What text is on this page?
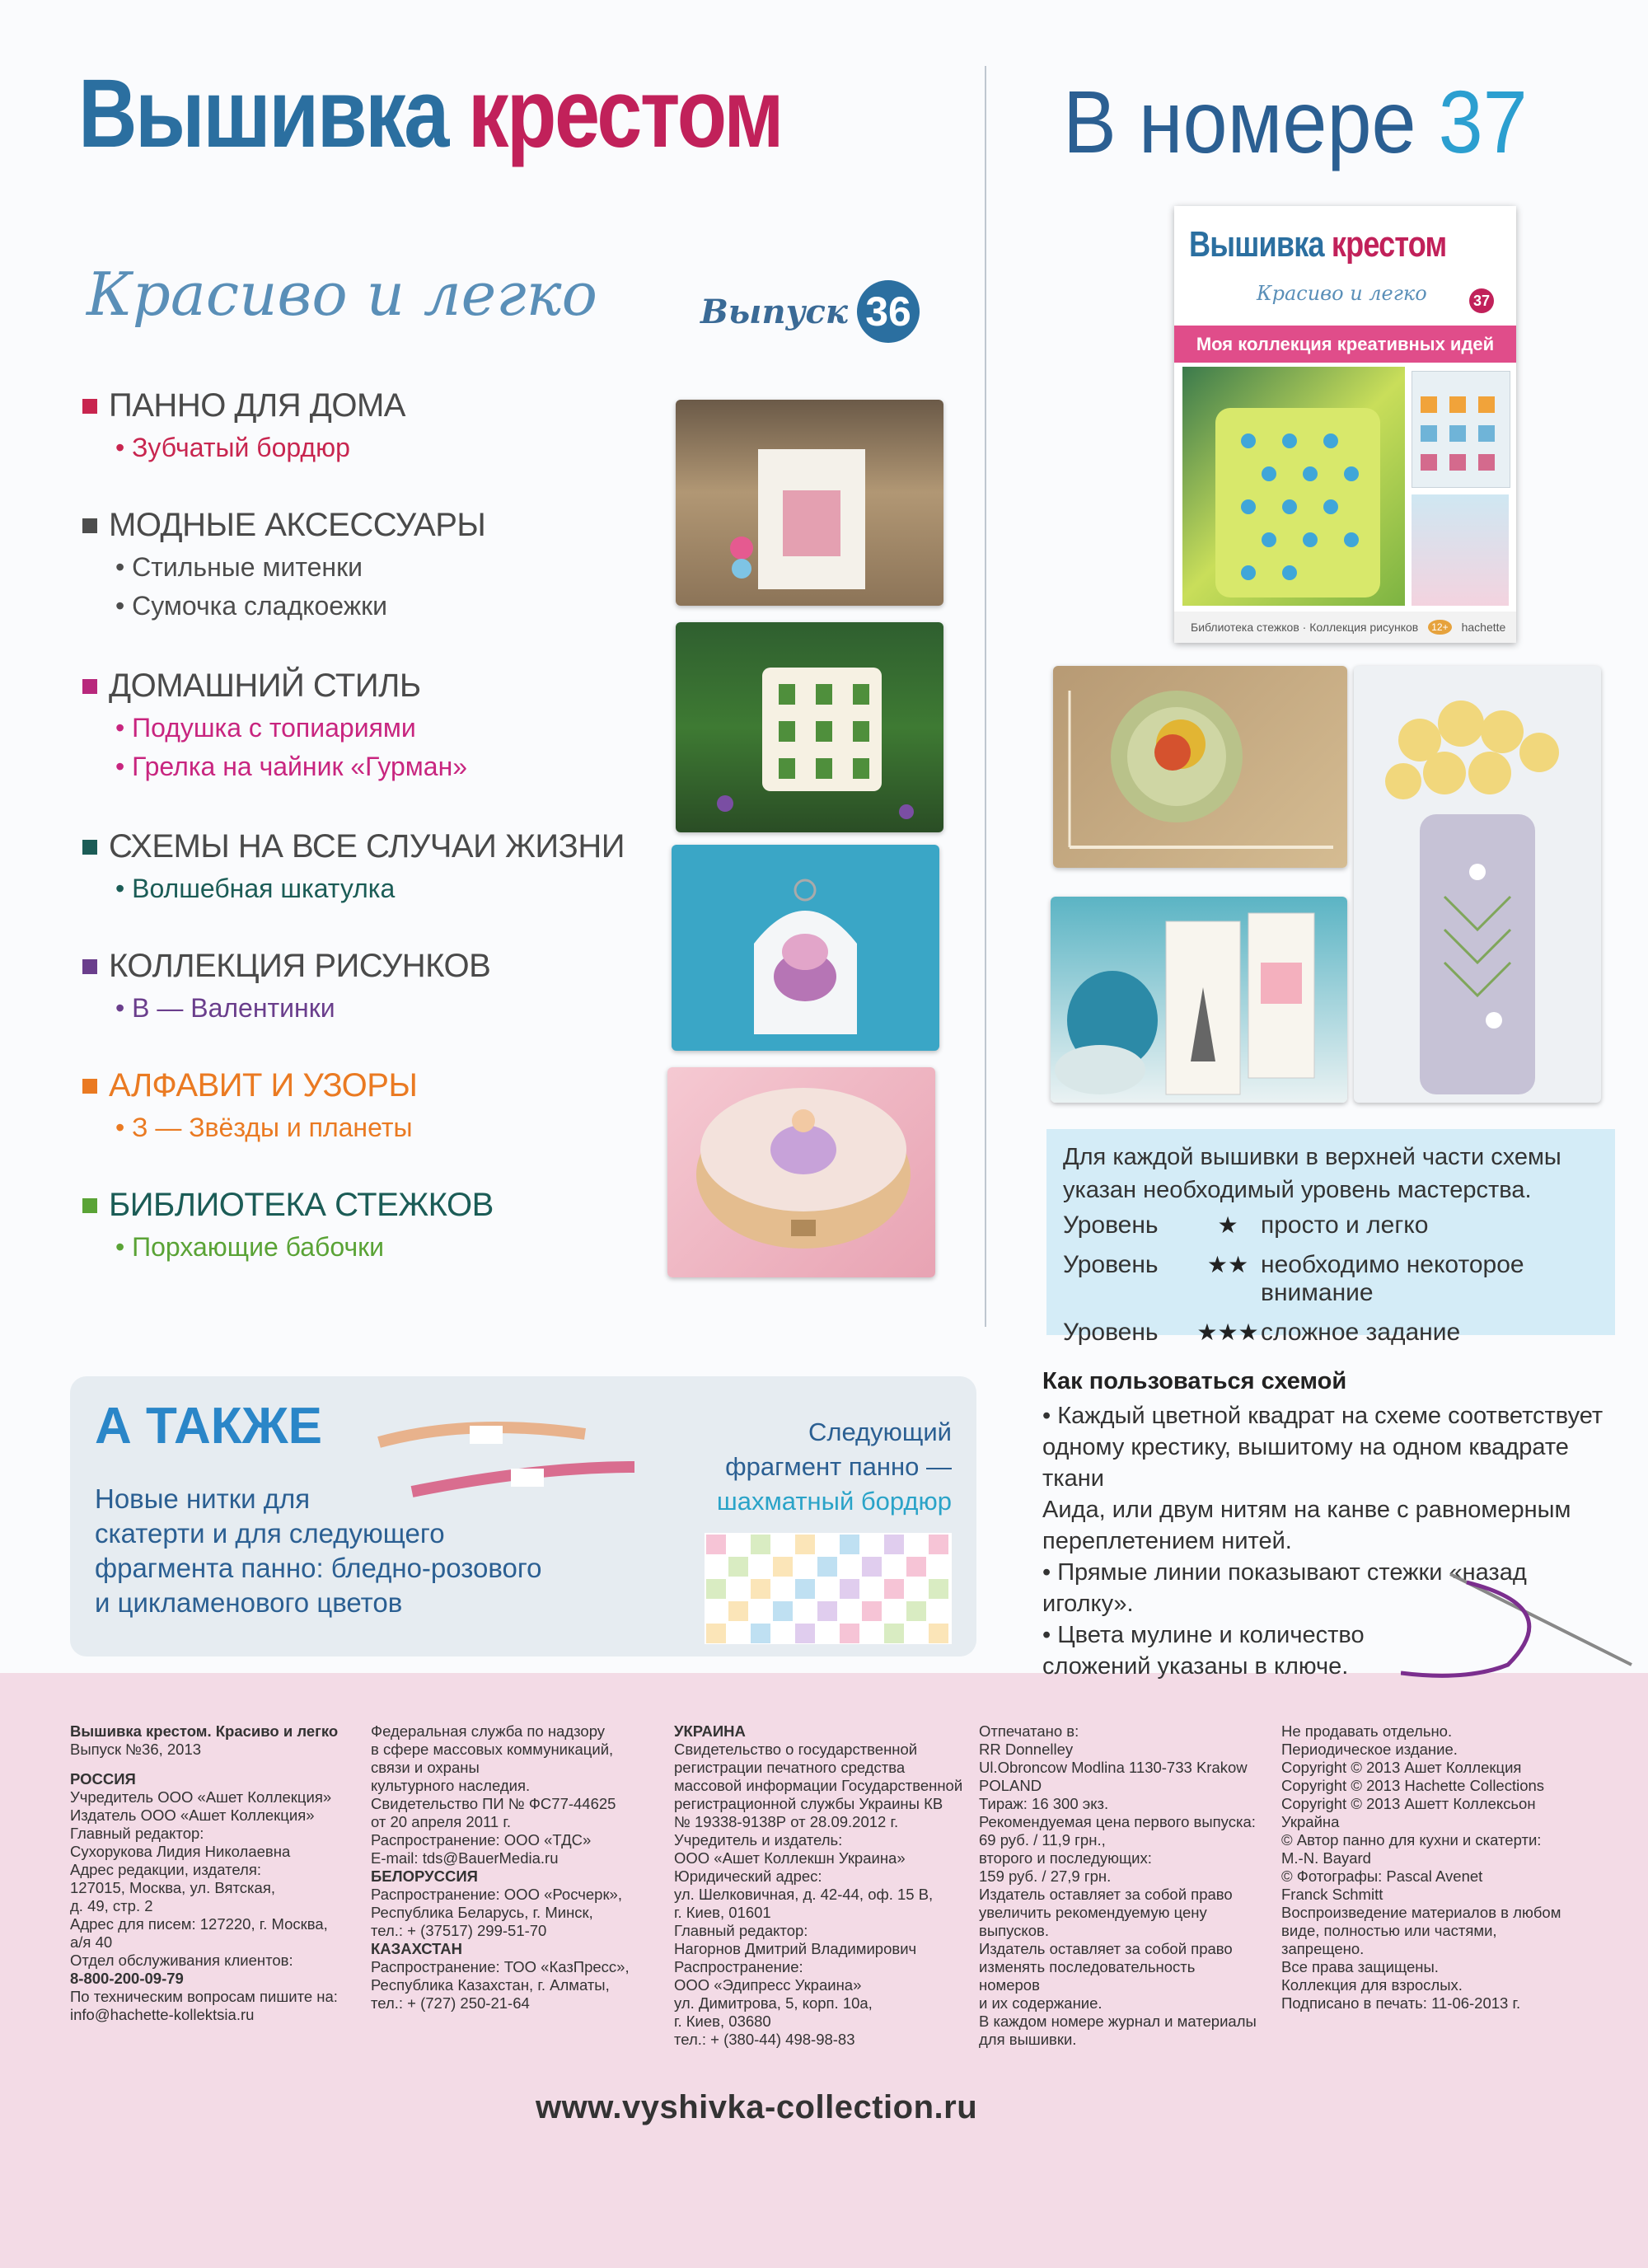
Вышивка крестом
Красиво и легко	Выпуск 36
В номере 37
Вышивка крестом
Красиво и легко	37
Моя коллекция креативных идей
Библиотека стежков · Коллекция рисунков	12+ hachette
ПАННО ДЛЯ ДОМА
• Зубчатый бордюр
МОДНЫЕ АКСЕССУАРЫ
• Стильные митенки
• Сумочка сладкоежки
ДОМАШНИЙ СТИЛЬ
• Подушка с топиариями
• Грелка на чайник «Гурман»
СХЕМЫ НА ВСЕ СЛУЧАИ ЖИЗНИ
• Волшебная шкатулка
КОЛЛЕКЦИЯ РИСУНКОВ
• В — Валентинки
АЛФАВИТ И УЗОРЫ
• З — Звёзды и планеты
БИБЛИОТЕКА СТЕЖКОВ
• Порхающие бабочки
Для каждой вышивки в верхней части схемы указан необходимый уровень мастерства.
Уровень	★ просто и легко
Уровень	★★ необходимо некоторое внимание
Уровень	★★★ сложное задание
Как пользоваться схемой
• Каждый цветной квадрат на схеме соответствует
одному крестику, вышитому на одном квадрате ткани
Аида, или двум нитям на канве с равномерным
переплетением нитей.
• Прямые линии показывают стежки «назад иголку».
• Цвета мулине и количество
сложений указаны в ключе.
А ТАКЖЕ
Новые нитки для
скатерти и для следующего
фрагмента панно: бледно-розового
и цикламенового цветов
Следующий
фрагмент панно —
шахматный бордюр

Вышивка крестом. Красиво и легко

Выпуск №36, 2013

РОССИЯ

Учредитель ООО «Ашет Коллекция»

Издатель ООО «Ашет Коллекция»

Главный редактор:

Сухорукова Лидия Николаевна

Адрес редакции, издателя:

127015, Москва, ул. Вятская,

д. 49, стр. 2

Адрес для писем: 127220, г. Москва,

а/я 40

Отдел обслуживания клиентов:

8-800-200-09-79

По техническим вопросам пишите на:

info@hachette-kollektsia.ru

Федеральная служба по надзору

в сфере массовых коммуникаций,

связи и охраны

культурного наследия.

Свидетельство ПИ № ФС77-44625

от 20 апреля 2011 г.

Распространение: ООО «ТДС»

E-mail: tds@BauerMedia.ru

БЕЛОРУССИЯ

Распространение: ООО «Росчерк»,

Республика Беларусь, г. Минск,

тел.: + (37517) 299-51-70

КАЗАХСТАН

Распространение: ТОО «КазПресс»,

Республика Казахстан, г. Алматы,

тел.: + (727) 250-21-64

УКРАИНА

Свидетельство о государственной

регистрации печатного средства

массовой информации Государственной

регистрационной службы Украины КВ

№ 19338-9138Р от 28.09.2012 г.

Учредитель и издатель:

ООО «Ашет Коллекшн Украина»

Юридический адрес:

ул. Шелковичная, д. 42-44, оф. 15 В,

г. Киев, 01601

Главный редактор:

Нагорнов Дмитрий Владимирович

Распространение:

ООО «Эдипресс Украина»

ул. Димитрова, 5, корп. 10а,

г. Киев, 03680

тел.: + (380-44) 498-98-83

Отпечатано в:

RR Donnelley

Ul.Obroncow Modlina 1130-733 Krakow

POLAND

Тираж: 16 300 экз.

Рекомендуемая цена первого выпуска:

69 руб. / 11,9 грн.,

второго и последующих:

159 руб. / 27,9 грн.

Издатель оставляет за собой право

увеличить рекомендуемую цену

выпусков.

Издатель оставляет за собой право

изменять последовательность номеров

и их содержание.

В каждом номере журнал и материалы

для вышивки.

Не продавать отдельно.

Периодическое издание.

Copyright © 2013 Ашет Коллекция

Copyright © 2013 Hachette Collections

Copyright © 2013 Ашетт Коллексьон

Украйна

© Автор панно для кухни и скатерти:

M.-N. Bayard

© Фотографы: Pascal Avenet

Franck Schmitt

Воспроизведение материалов в любом

виде, полностью или частями,

запрещено.

Все права защищены.

Коллекция для взрослых.

Подписано в печать: 11-06-2013 г.

www.vyshivka-collection.ru
